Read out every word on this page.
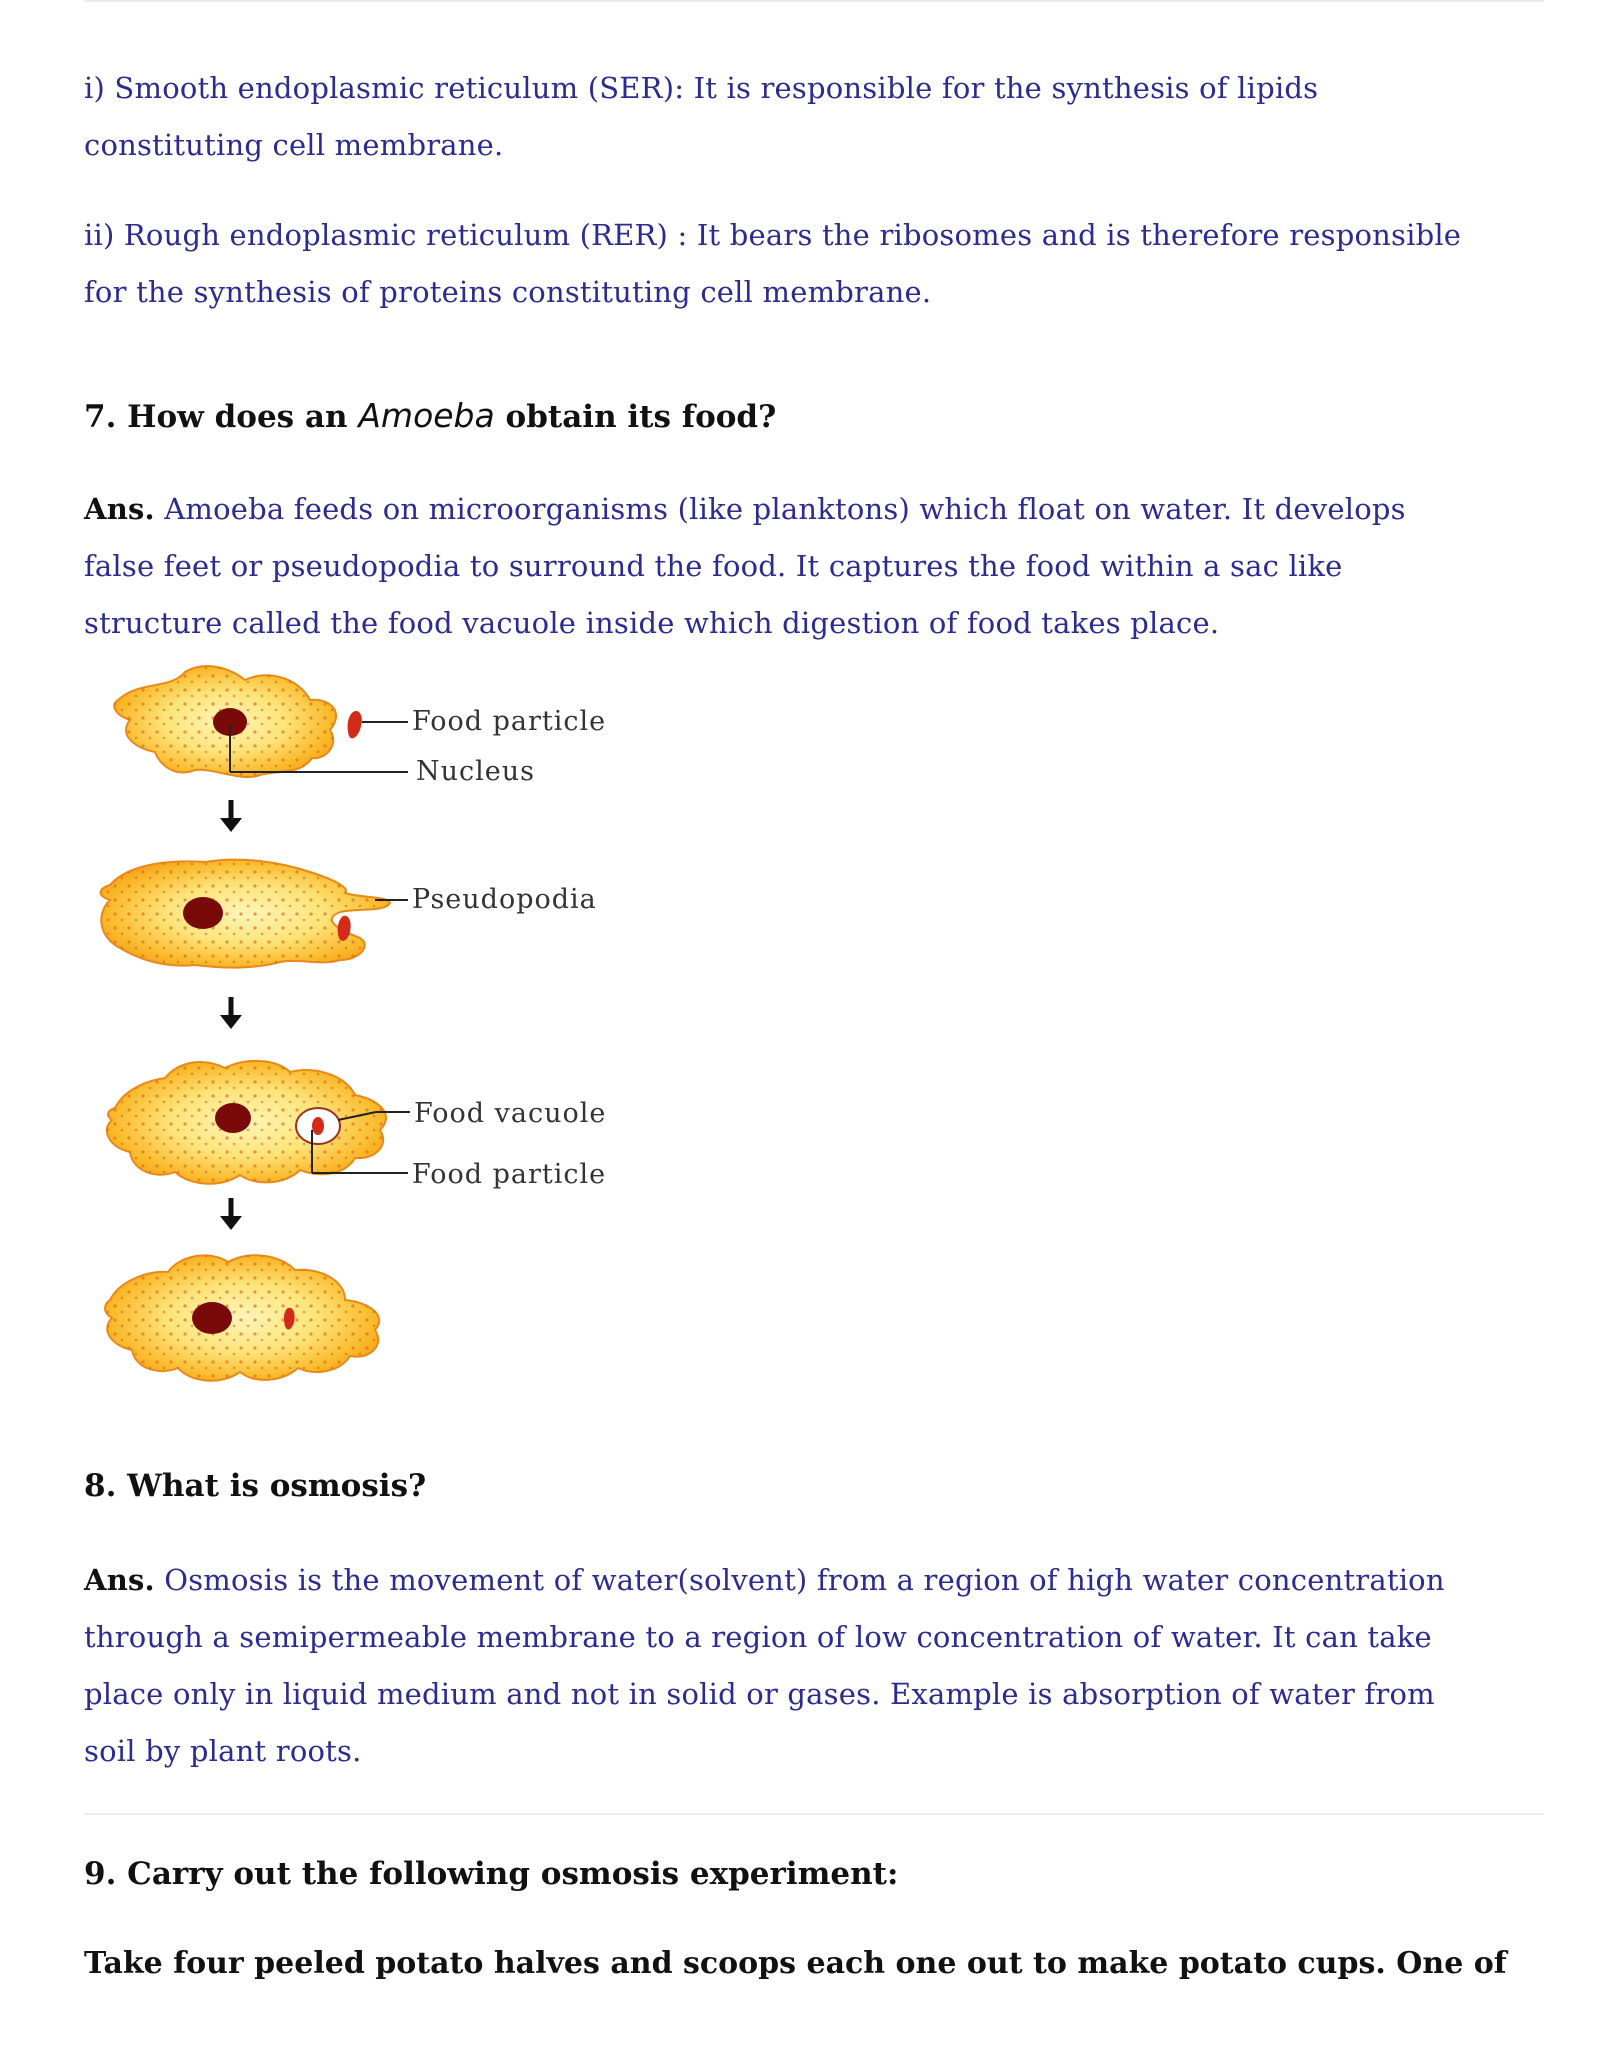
i) Smooth endoplasmic reticulum (SER): It is responsible for the synthesis of lipids
constituting cell membrane.
ii) Rough endoplasmic reticulum (RER) : It bears the ribosomes and is therefore responsible
for the synthesis of proteins constituting cell membrane.
7. How does an Amoeba obtain its food?
Ans. Amoeba feeds on microorganisms (like planktons) which float on water. It develops
false feet or pseudopodia to surround the food. It captures the food within a sac like
structure called the food vacuole inside which digestion of food takes place.
Food particle
Nucleus
Pseudopodia
Food vacuole
Food particle
8. What is osmosis?
Ans. Osmosis is the movement of water(solvent) from a region of high water concentration
through a semipermeable membrane to a region of low concentration of water. It can take
place only in liquid medium and not in solid or gases. Example is absorption of water from
soil by plant roots.
9. Carry out the following osmosis experiment:
Take four peeled potato halves and scoops each one out to make potato cups. One of
